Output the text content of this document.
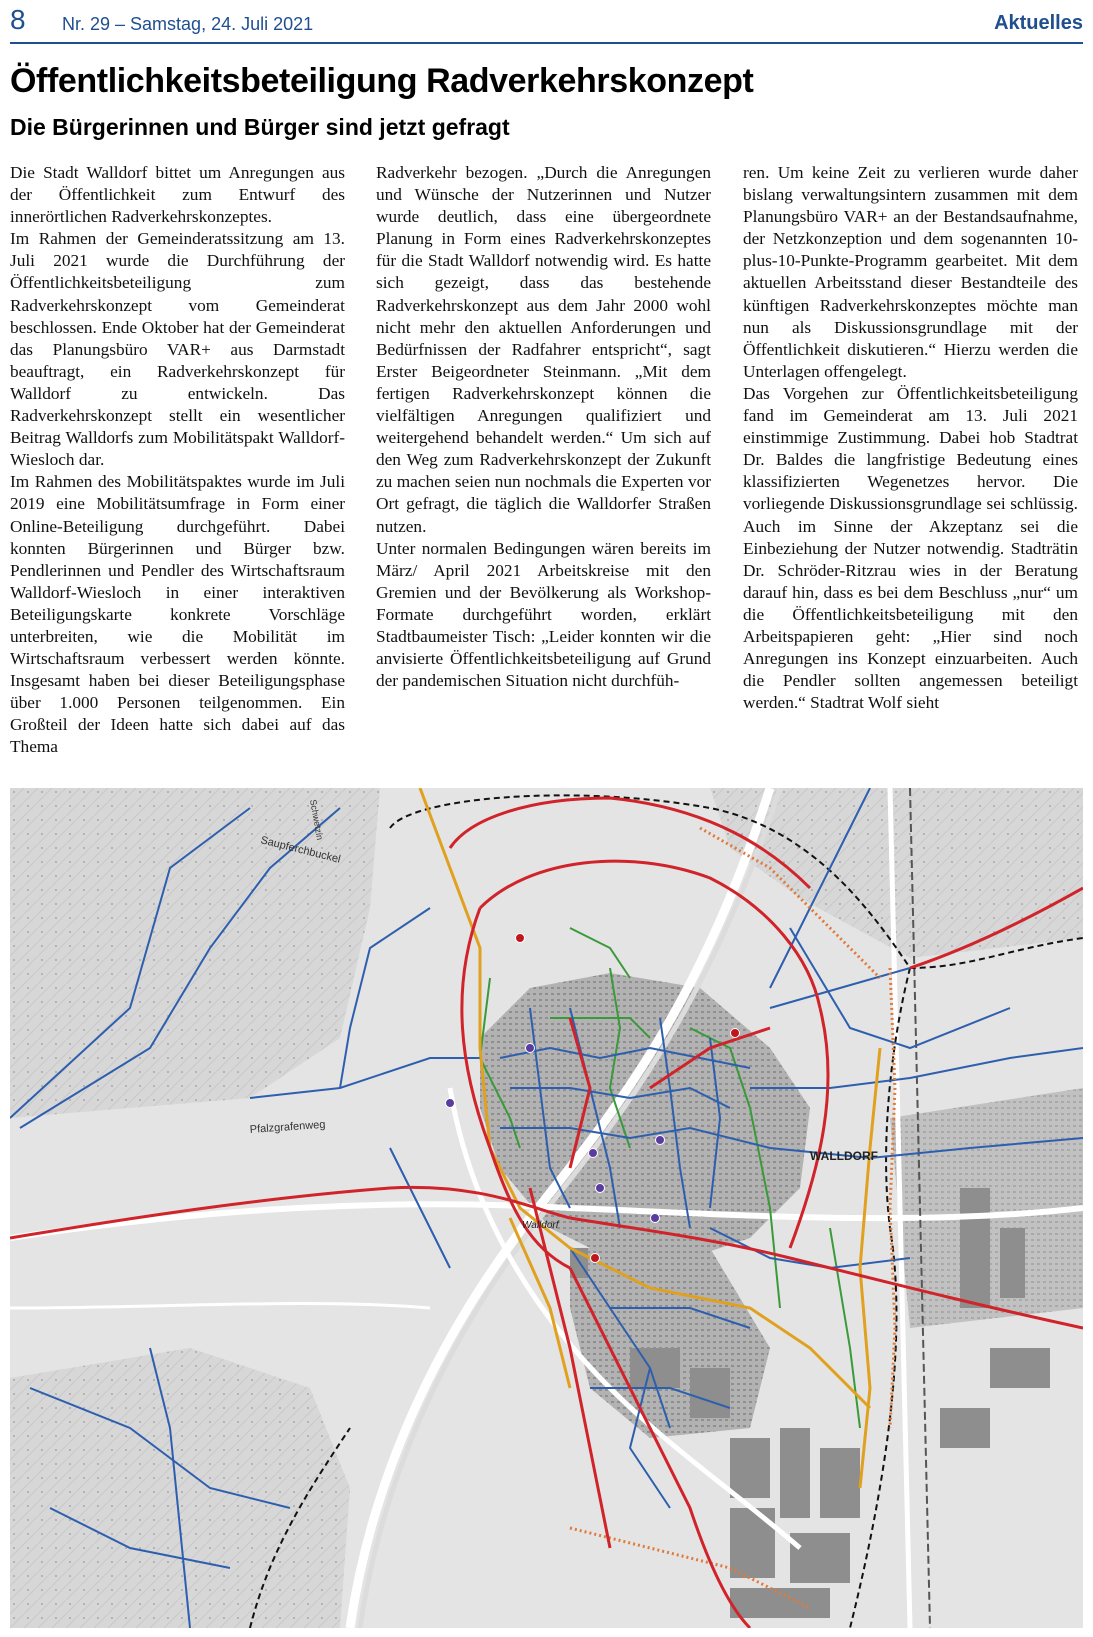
8 Nr. 29 – Samstag, 24. Juli 2021	Aktuelles
Öffentlichkeitsbeteiligung Radverkehrskonzept
Die Bürgerinnen und Bürger sind jetzt gefragt

Die Stadt Walldorf bittet um Anregungen aus der Öffentlichkeit zum Entwurf des innerörtlichen Radverkehrskonzeptes.

Im Rahmen der Gemeinderatssitzung am 13. Juli 2021 wurde die Durchführung der Öffentlichkeitsbeteiligung zum Radverkehrskonzept vom Gemeinderat beschlossen. Ende Oktober hat der Gemeinderat das Planungsbüro VAR+ aus Darmstadt beauftragt, ein Radverkehrskonzept für Walldorf zu entwickeln. Das Radverkehrskonzept stellt ein wesentlicher Beitrag Walldorfs zum Mobilitätspakt Walldorf-Wiesloch dar.

Im Rahmen des Mobilitätspaktes wurde im Juli 2019 eine Mobilitätsumfrage in Form einer Online-Beteiligung durchgeführt. Dabei konnten Bürgerinnen und Bürger bzw. Pendlerinnen und Pendler des Wirtschaftsraum Walldorf-Wiesloch in einer interaktiven Beteiligungskarte konkrete Vorschläge unterbreiten, wie die Mobilität im Wirtschaftsraum verbessert werden könnte. Insgesamt haben bei dieser Beteiligungsphase über 1.000 Personen teilgenommen. Ein Großteil der Ideen hatte sich dabei auf das Thema

Radverkehr bezogen. „Durch die Anregungen und Wünsche der Nutzerinnen und Nutzer wurde deutlich, dass eine übergeordnete Planung in Form eines Radverkehrskonzeptes für die Stadt Walldorf notwendig wird. Es hatte sich gezeigt, dass das bestehende Radverkehrskonzept aus dem Jahr 2000 wohl nicht mehr den aktuellen Anforderungen und Bedürfnissen der Radfahrer entspricht“, sagt Erster Beigeordneter Steinmann. „Mit dem fertigen Radverkehrskonzept können die vielfältigen Anregungen qualifiziert und weitergehend behandelt werden.“ Um sich auf den Weg zum Radverkehrskonzept der Zukunft zu machen seien nun nochmals die Experten vor Ort gefragt, die täglich die Walldorfer Straßen nutzen.

Unter normalen Bedingungen wären bereits im März/ April 2021 Arbeitskreise mit den Gremien und der Bevölkerung als Workshop-Formate durchgeführt worden, erklärt Stadtbaumeister Tisch: „Leider konnten wir die anvisierte Öffentlichkeitsbeteiligung auf Grund der pandemischen Situation nicht durchfüh-

ren. Um keine Zeit zu verlieren wurde daher bislang verwaltungsintern zusammen mit dem Planungsbüro VAR+ an der Bestandsaufnahme, der Netzkonzeption und dem sogenannten 10-plus-10-Punkte-Programm gearbeitet. Mit dem aktuellen Arbeitsstand dieser Bestandteile des künftigen Radverkehrskonzeptes möchte man nun als Diskussionsgrundlage mit der Öffentlichkeit diskutieren.“ Hierzu werden die Unterlagen offengelegt.

Das Vorgehen zur Öffentlichkeitsbeteiligung fand im Gemeinderat am 13. Juli 2021 einstimmige Zustimmung. Dabei hob Stadtrat Dr. Baldes die langfristige Bedeutung eines klassifizierten Wegenetzes hervor. Die vorliegende Diskussionsgrundlage sei schlüssig. Auch im Sinne der Akzeptanz sei die Einbeziehung der Nutzer notwendig. Stadträtin Dr. Schröder-Ritzrau wies in der Beratung darauf hin, dass es bei dem Beschluss „nur“ um die Öffentlichkeitsbeteiligung mit den Arbeitspapieren geht: „Hier sind noch Anregungen ins Konzept einzuarbeiten. Auch die Pendler sollten angemessen beteiligt werden.“ Stadtrat Wolf sieht

WALLDORF
Walldorf
Saupferchbuckel
Pfalzgrafenweg
Schwetzin
